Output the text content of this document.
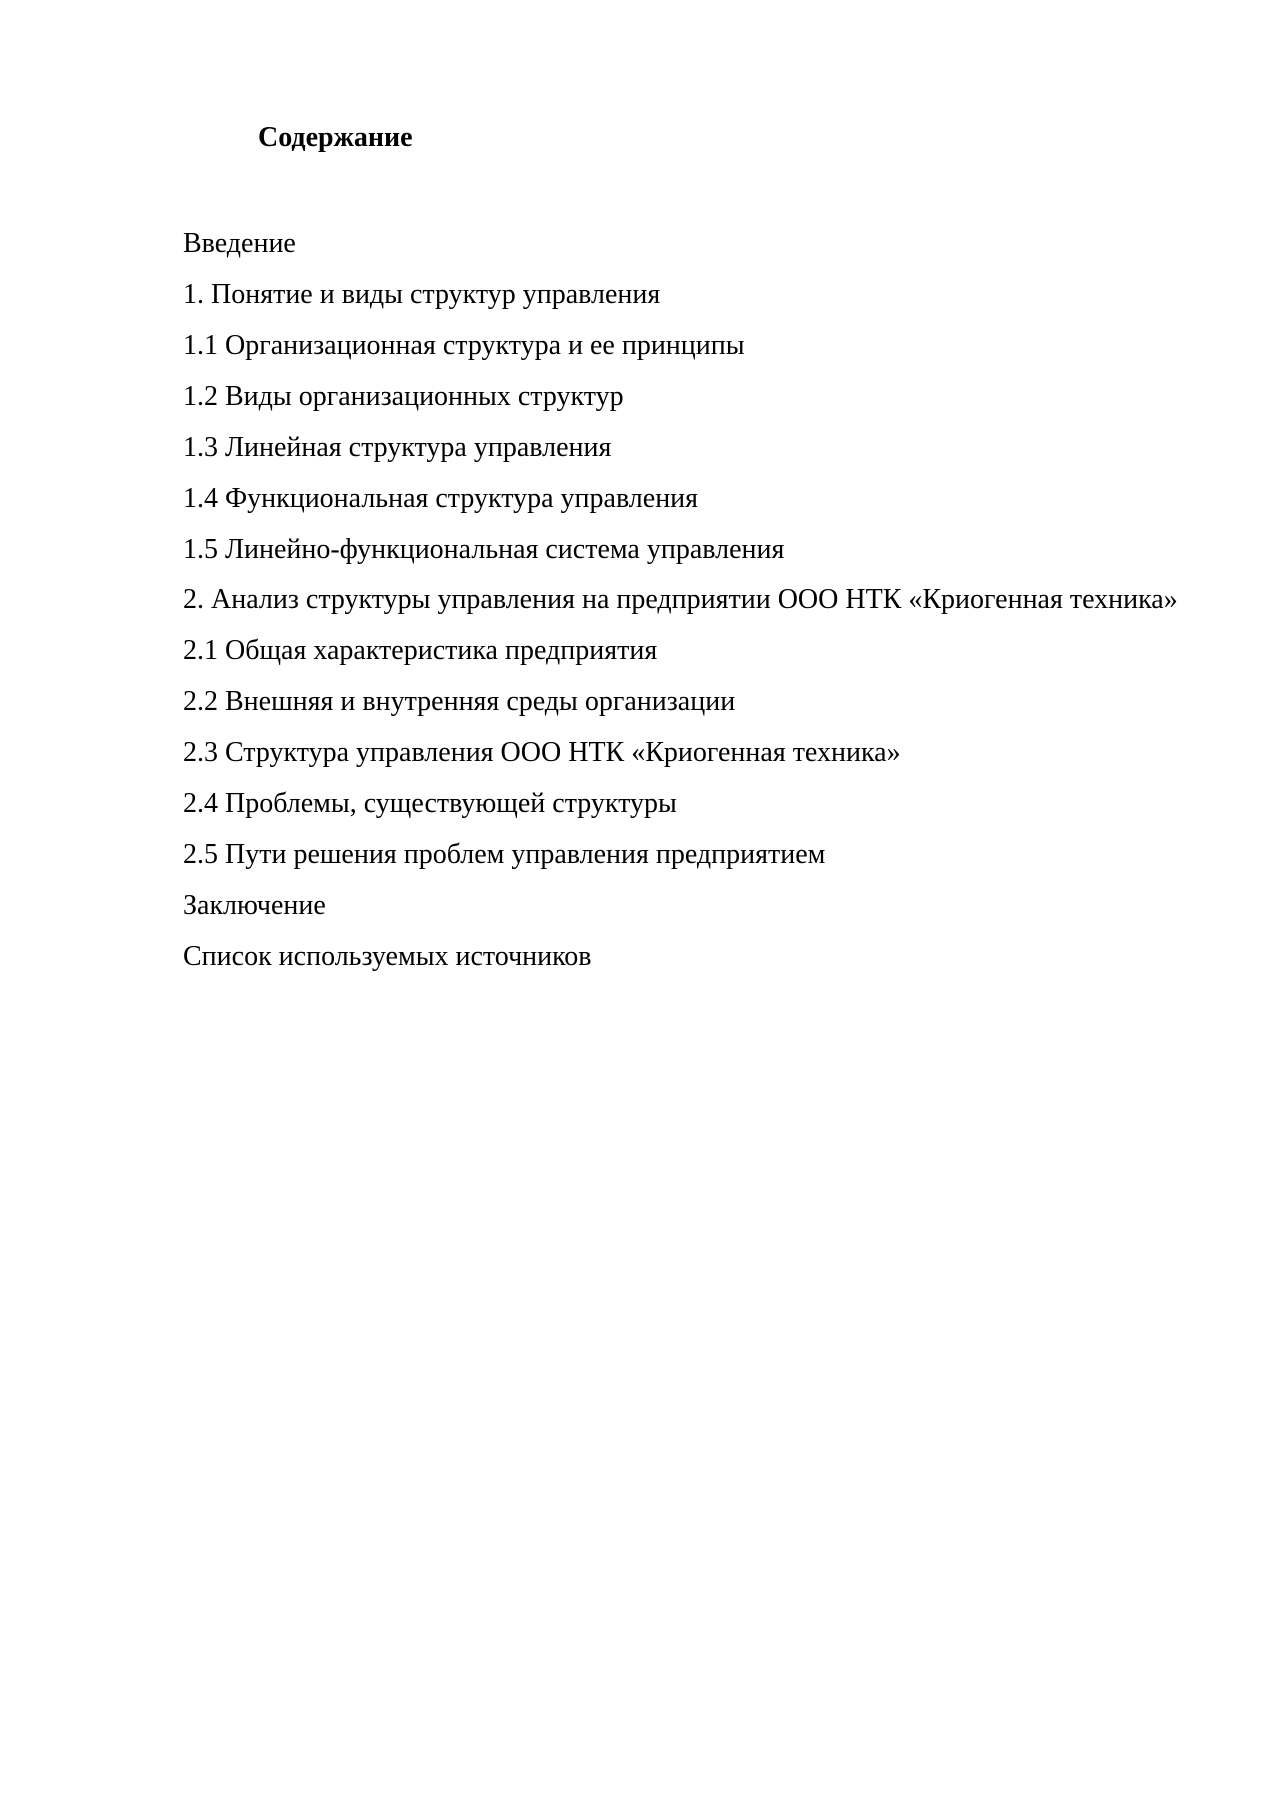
Содержание
Введение
1. Понятие и виды структур управления
1.1 Организационная структура и ее принципы
1.2 Виды организационных структур
1.3 Линейная структура управления
1.4 Функциональная структура управления
1.5 Линейно-функциональная система управления
2. Анализ структуры управления на предприятии ООО НТК «Криогенная техника»
2.1 Общая характеристика предприятия
2.2 Внешняя и внутренняя среды организации
2.3 Структура управления ООО НТК «Криогенная техника»
2.4 Проблемы, существующей структуры
2.5 Пути решения проблем управления предприятием
Заключение
Список используемых источников
